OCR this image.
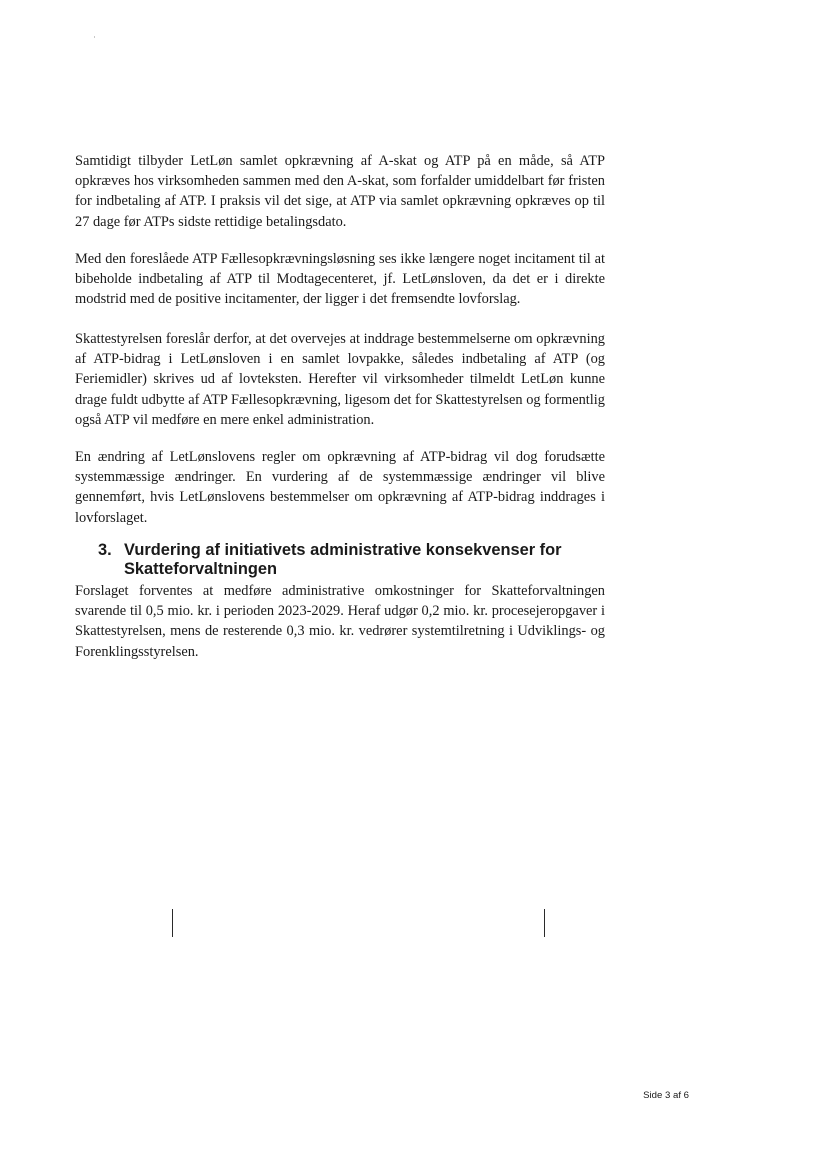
Samtidigt tilbyder LetLøn samlet opkrævning af A-skat og ATP på en måde, så ATP opkræves hos virksomheden sammen med den A-skat, som forfalder umiddelbart før fristen for indbetaling af ATP. I praksis vil det sige, at ATP via samlet opkrævning opkræves op til 27 dage før ATPs sidste rettidige betalingsdato.

Med den foreslåede ATP Fællesopkrævningsløsning ses ikke længere noget incitament til at bibeholde indbetaling af ATP til Modtagecenteret, jf. LetLønsloven, da det er i direkte modstrid med de positive incitamenter, der ligger i det fremsendte lovforslag.

Skattestyrelsen foreslår derfor, at det overvejes at inddrage bestemmelserne om opkrævning af ATP-bidrag i LetLønsloven i en samlet lovpakke, således indbetaling af ATP (og Feriemidler) skrives ud af lovteksten. Herefter vil virksomheder tilmeldt LetLøn kunne drage fuldt udbytte af ATP Fællesopkrævning, ligesom det for Skattestyrelsen og formentlig også ATP vil medføre en mere enkel administration.

En ændring af LetLønslovens regler om opkrævning af ATP-bidrag vil dog forudsætte systemmæssige ændringer. En vurdering af de systemmæssige ændringer vil blive gennemført, hvis LetLønslovens bestemmelser om opkrævning af ATP-bidrag inddrages i lovforslaget.

3. Vurdering af initiativets administrative konsekvenser for Skatteforvaltningen

Forslaget forventes at medføre administrative omkostninger for Skatteforvaltningen svarende til 0,5 mio. kr. i perioden 2023-2029. Heraf udgør 0,2 mio. kr. procesejeropgaver i Skattestyrelsen, mens de resterende 0,3 mio. kr. vedrører systemtilretning i Udviklings- og Forenklingsstyrelsen.

Side 3 af 6
